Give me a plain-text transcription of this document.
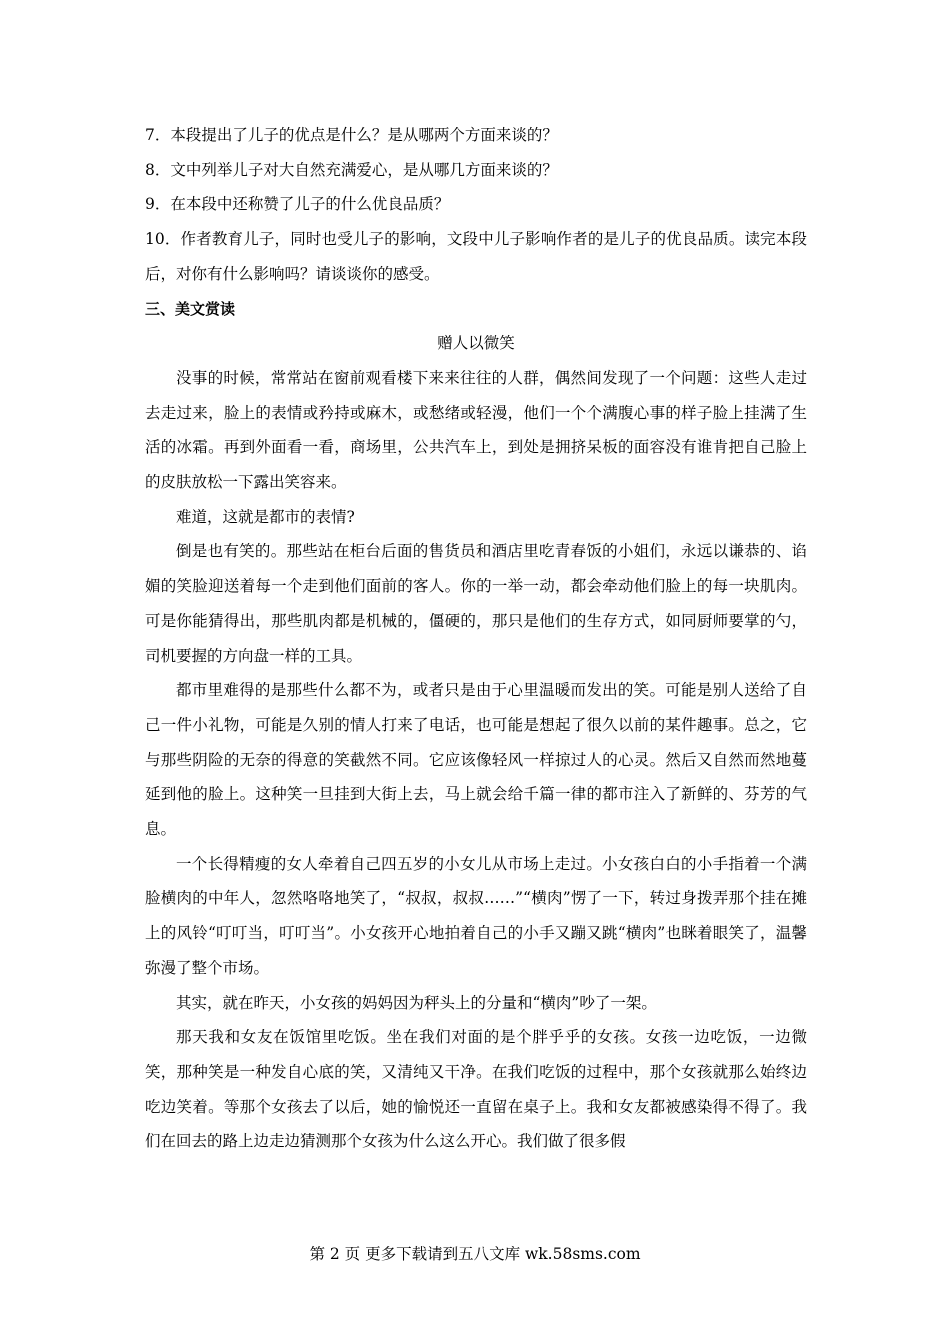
7．本段提出了儿子的优点是什么？是从哪两个方面来谈的？

8．文中列举儿子对大自然充满爱心，是从哪几方面来谈的？

9．在本段中还称赞了儿子的什么优良品质？

10．作者教育儿子，同时也受儿子的影响，文段中儿子影响作者的是儿子的优良品质。读完本段后，对你有什么影响吗？请谈谈你的感受。

三、美文赏读

赠人以微笑

没事的时候，常常站在窗前观看楼下来来往往的人群，偶然间发现了一个问题：这些人走过去走过来，脸上的表情或矜持或麻木，或愁绪或轻漫，他们一个个满腹心事的样子脸上挂满了生活的冰霜。再到外面看一看，商场里，公共汽车上，到处是拥挤呆板的面容没有谁肯把自己脸上的皮肤放松一下露出笑容来。

难道，这就是都市的表情?

倒是也有笑的。那些站在柜台后面的售货员和酒店里吃青春饭的小姐们，永远以谦恭的、谄媚的笑脸迎送着每一个走到他们面前的客人。你的一举一动，都会牵动他们脸上的每一块肌肉。可是你能猜得出，那些肌肉都是机械的，僵硬的，那只是他们的生存方式，如同厨师要掌的勺，司机要握的方向盘一样的工具。

都市里难得的是那些什么都不为，或者只是由于心里温暖而发出的笑。可能是别人送给了自己一件小礼物，可能是久别的情人打来了电话，也可能是想起了很久以前的某件趣事。总之，它与那些阴险的无奈的得意的笑截然不同。它应该像轻风一样掠过人的心灵。然后又自然而然地蔓延到他的脸上。这种笑一旦挂到大街上去，马上就会给千篇一律的都市注入了新鲜的、芬芳的气息。

一个长得精瘦的女人牵着自己四五岁的小女儿从市场上走过。小女孩白白的小手指着一个满脸横肉的中年人，忽然咯咯地笑了，“叔叔，叔叔……”“横肉”愣了一下，转过身拨弄那个挂在摊上的风铃“叮叮当，叮叮当”。小女孩开心地拍着自己的小手又蹦又跳“横肉”也眯着眼笑了，温馨弥漫了整个市场。

其实，就在昨天，小女孩的妈妈因为秤头上的分量和“横肉”吵了一架。

那天我和女友在饭馆里吃饭。坐在我们对面的是个胖乎乎的女孩。女孩一边吃饭，一边微笑，那种笑是一种发自心底的笑，又清纯又干净。在我们吃饭的过程中，那个女孩就那么始终边吃边笑着。等那个女孩去了以后，她的愉悦还一直留在桌子上。我和女友都被感染得不得了。我们在回去的路上边走边猜测那个女孩为什么这么开心。我们做了很多假

第 2 页 更多下载请到五八文库 wk.58sms.com
